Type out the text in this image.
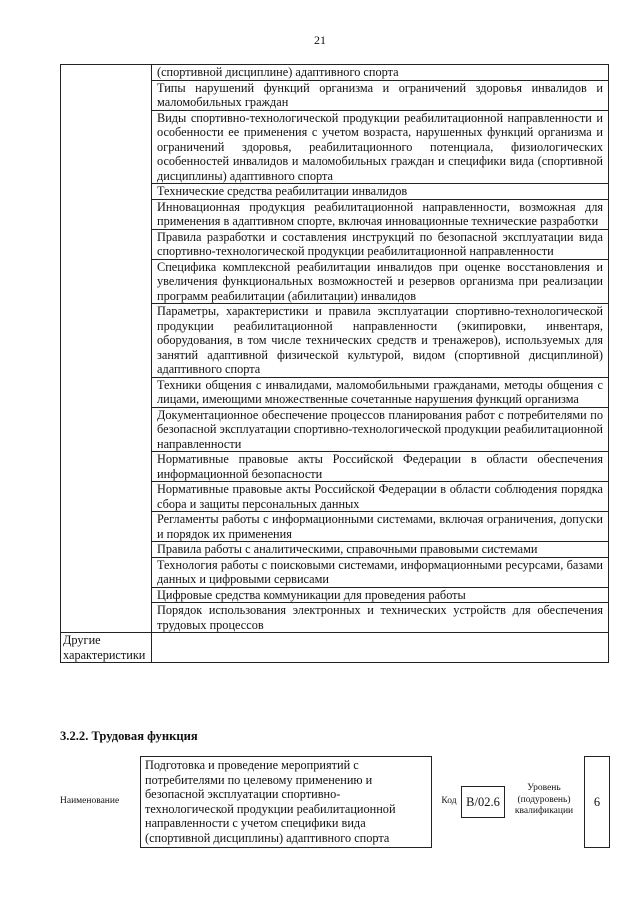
21
	(спортивной дисциплине) адаптивного спорта
	Типы нарушений функций организма и ограничений здоровья инвалидов и маломобильных граждан
	Виды спортивно-технологической продукции реабилитационной направленности и особенности ее применения с учетом возраста, нарушенных функций организма и ограничений здоровья, реабилитационного потенциала, физиологических особенностей инвалидов и маломобильных граждан и специфики вида (спортивной дисциплины) адаптивного спорта
	Технические средства реабилитации инвалидов
	Инновационная продукция реабилитационной направленности, возможная для применения в адаптивном спорте, включая инновационные технические разработки
	Правила разработки и составления инструкций по безопасной эксплуатации вида спортивно-технологической продукции реабилитационной направленности
	Специфика комплексной реабилитации инвалидов при оценке восстановления и увеличения функциональных возможностей и резервов организма при реализации программ реабилитации (абилитации) инвалидов
	Параметры, характеристики и правила эксплуатации спортивно-технологической продукции реабилитационной направленности (экипировки, инвентаря, оборудования, в том числе технических средств и тренажеров), используемых для занятий адаптивной физической культурой, видом (спортивной дисциплиной) адаптивного спорта
	Техники общения с инвалидами, маломобильными гражданами, методы общения с лицами, имеющими множественные сочетанные нарушения функций организма
	Документационное обеспечение процессов планирования работ с потребителями по безопасной эксплуатации спортивно-технологической продукции реабилитационной направленности
	Нормативные правовые акты Российской Федерации в области обеспечения информационной безопасности
	Нормативные правовые акты Российской Федерации в области соблюдения порядка сбора и защиты персональных данных
	Регламенты работы с информационными системами, включая ограничения, допуски и порядок их применения
	Правила работы с аналитическими, справочными правовыми системами
	Технология работы с поисковыми системами, информационными ресурсами, базами данных и цифровыми сервисами
	Цифровые средства коммуникации для проведения работы
	Порядок использования электронных и технических устройств для обеспечения трудовых процессов
Другие характеристики	
3.2.2. Трудовая функция
Наименование
Подготовка и проведение мероприятий с потребителями по целевому применению и безопасной эксплуатации спортивно-технологической продукции реабилитационной направленности с учетом специфики вида (спортивной дисциплины) адаптивного спорта
Код B/02.6
Уровень (подуровень) квалификации
6
